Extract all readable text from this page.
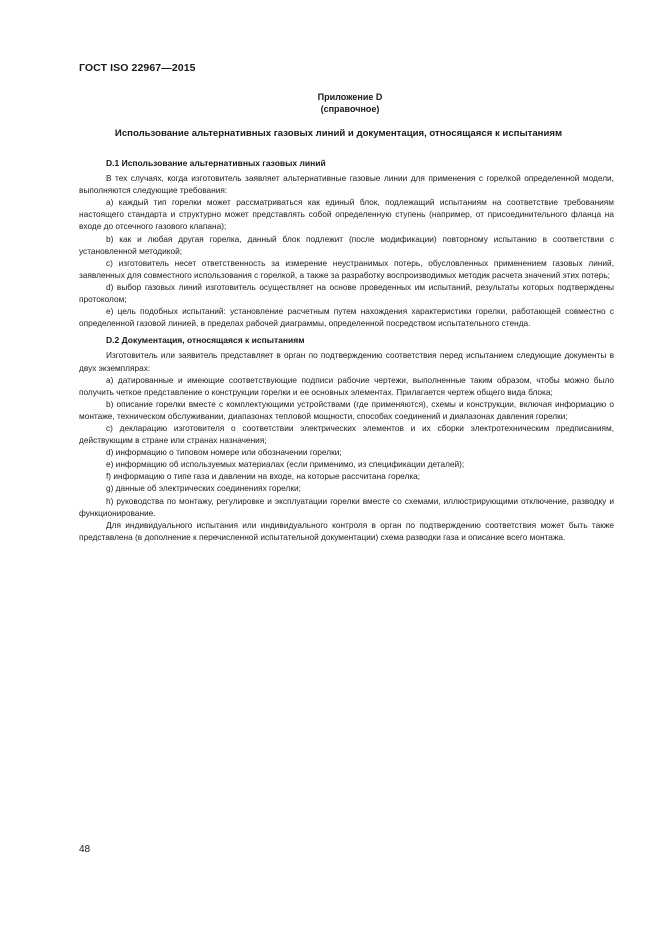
ГОСТ ISO 22967—2015
Приложение D
(справочное)
Использование альтернативных газовых линий и документация, относящаяся к испытаниям
D.1 Использование альтернативных газовых линий

В тех случаях, когда изготовитель заявляет альтернативные газовые линии для применения с горелкой определенной модели, выполняются следующие требования:

a) каждый тип горелки может рассматриваться как единый блок, подлежащий испытаниям на соответствие требованиям настоящего стандарта и структурно может представлять собой определенную ступень (например, от присоединительного фланца на входе до отсечного газового клапана);

b) как и любая другая горелка, данный блок подлежит (после модификации) повторному испытанию в соответствии с установленной методикой;

c) изготовитель несет ответственность за измерение неустранимых потерь, обусловленных применением газовых линий, заявленных для совместного использования с горелкой, а также за разработку воспроизводимых методик расчета значений этих потерь;

d) выбор газовых линий изготовитель осуществляет на основе проведенных им испытаний, результаты которых подтверждены протоколом;

e) цель подобных испытаний: установление расчетным путем нахождения характеристики горелки, работающей совместно с определенной газовой линией, в пределах рабочей диаграммы, определенной посредством испытательного стенда.

D.2 Документация, относящаяся к испытаниям

Изготовитель или заявитель представляет в орган по подтверждению соответствия перед испытанием следующие документы в двух экземплярах:

a) датированные и имеющие соответствующие подписи рабочие чертежи, выполненные таким образом, чтобы можно было получить четкое представление о конструкции горелки и ее основных элементах. Прилагается чертеж общего вида блока;

b) описание горелки вместе с комплектующими устройствами (где применяются), схемы и конструкции, включая информацию о монтаже, техническом обслуживании, диапазонах тепловой мощности, способах соединений и диапазонах давления горелки;

c) декларацию изготовителя о соответствии электрических элементов и их сборки электротехническим предписаниям, действующим в стране или странах назначения;

d) информацию о типовом номере или обозначении горелки;

e) информацию об используемых материалах (если применимо, из спецификации деталей);

f) информацию о типе газа и давлении на входе, на которые рассчитана горелка;

g) данные об электрических соединениях горелки;

h) руководства по монтажу, регулировке и эксплуатации горелки вместе со схемами, иллюстрирующими отключение, разводку и функционирование.

Для индивидуального испытания или индивидуального контроля в орган по подтверждению соответствия может быть также представлена (в дополнение к перечисленной испытательной документации) схема разводки газа и описание всего монтажа.

48
